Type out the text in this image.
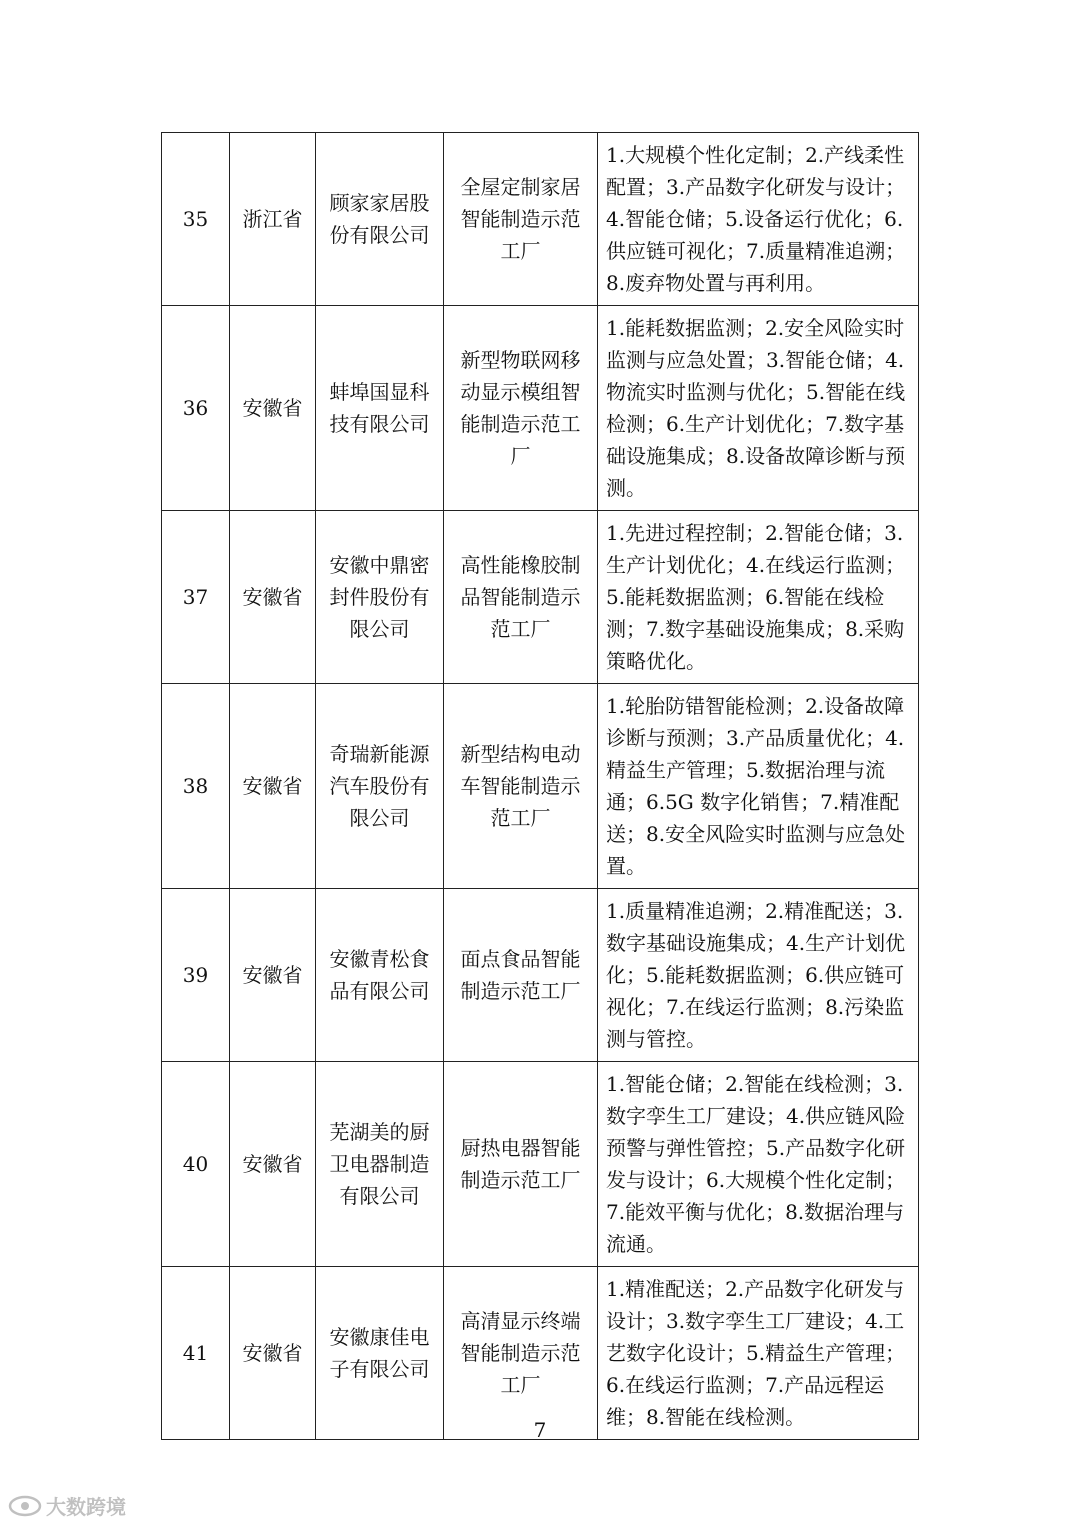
35	浙江省	顾家家居股份有限公司	全屋定制家居智能制造示范工厂	1.大规模个性化定制；2.产线柔性配置；3.产品数字化研发与设计；4.智能仓储；5.设备运行优化；6.供应链可视化；7.质量精准追溯；8.废弃物处置与再利用。
36	安徽省	蚌埠国显科技有限公司	新型物联网移动显示模组智能制造示范工厂	1.能耗数据监测；2.安全风险实时监测与应急处置；3.智能仓储；4.物流实时监测与优化；5.智能在线检测；6.生产计划优化；7.数字基础设施集成；8.设备故障诊断与预测。
37	安徽省	安徽中鼎密封件股份有限公司	高性能橡胶制品智能制造示范工厂	1.先进过程控制；2.智能仓储；3.生产计划优化；4.在线运行监测；5.能耗数据监测；6.智能在线检测；7.数字基础设施集成；8.采购策略优化。
38	安徽省	奇瑞新能源汽车股份有限公司	新型结构电动车智能制造示范工厂	1.轮胎防错智能检测；2.设备故障诊断与预测；3.产品质量优化；4.精益生产管理；5.数据治理与流通；6.5G 数字化销售；7.精准配送；8.安全风险实时监测与应急处置。
39	安徽省	安徽青松食品有限公司	面点食品智能制造示范工厂	1.质量精准追溯；2.精准配送；3.数字基础设施集成；4.生产计划优化；5.能耗数据监测；6.供应链可视化；7.在线运行监测；8.污染监测与管控。
40	安徽省	芜湖美的厨卫电器制造有限公司	厨热电器智能制造示范工厂	1.智能仓储；2.智能在线检测；3.数字孪生工厂建设；4.供应链风险预警与弹性管控；5.产品数字化研发与设计；6.大规模个性化定制；7.能效平衡与优化；8.数据治理与流通。
41	安徽省	安徽康佳电子有限公司	高清显示终端智能制造示范工厂	1.精准配送；2.产品数字化研发与设计；3.数字孪生工厂建设；4.工艺数字化设计；5.精益生产管理；6.在线运行监测；7.产品远程运维；8.智能在线检测。
7
大数跨境
